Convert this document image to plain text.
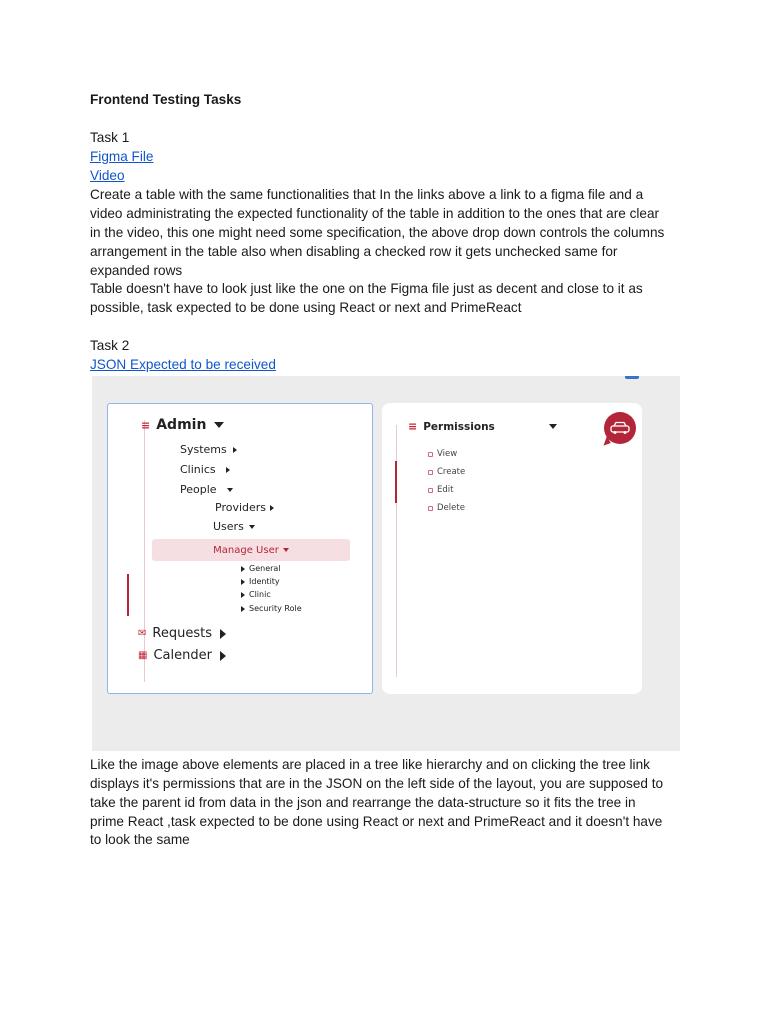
Frontend Testing Tasks
Task 1
Figma File
Video
Create a table with the same functionalities that In the links above a link to a figma file and a
video administrating the expected functionality of the table in addition to the ones that are clear
in the video, this one might need some specification, the above drop down controls the columns
arrangement in the table also when disabling a checked row it gets unchecked same for
expanded rows
Table doesn't have to look just like the one on the Figma file just as decent and close to it as
possible, task expected to be done using React or next and PrimeReact
Task 2
JSON Expected to be received
≡ Admin
Systems
Clinics
People
Providers
Users
Manage User
General
Identity
Clinic
Security Role
✉ Requests
▦ Calender
≡ Permissions
View
Create
Edit
Delete
Like the image above elements are placed in a tree like hierarchy and on clicking the tree link
displays it's permissions that are in the JSON on the left side of the layout, you are supposed to
take the parent id from data in the json and rearrange the data-structure so it fits the tree in
prime React ,task expected to be done using React or next and PrimeReact and it doesn't have
to look the same
